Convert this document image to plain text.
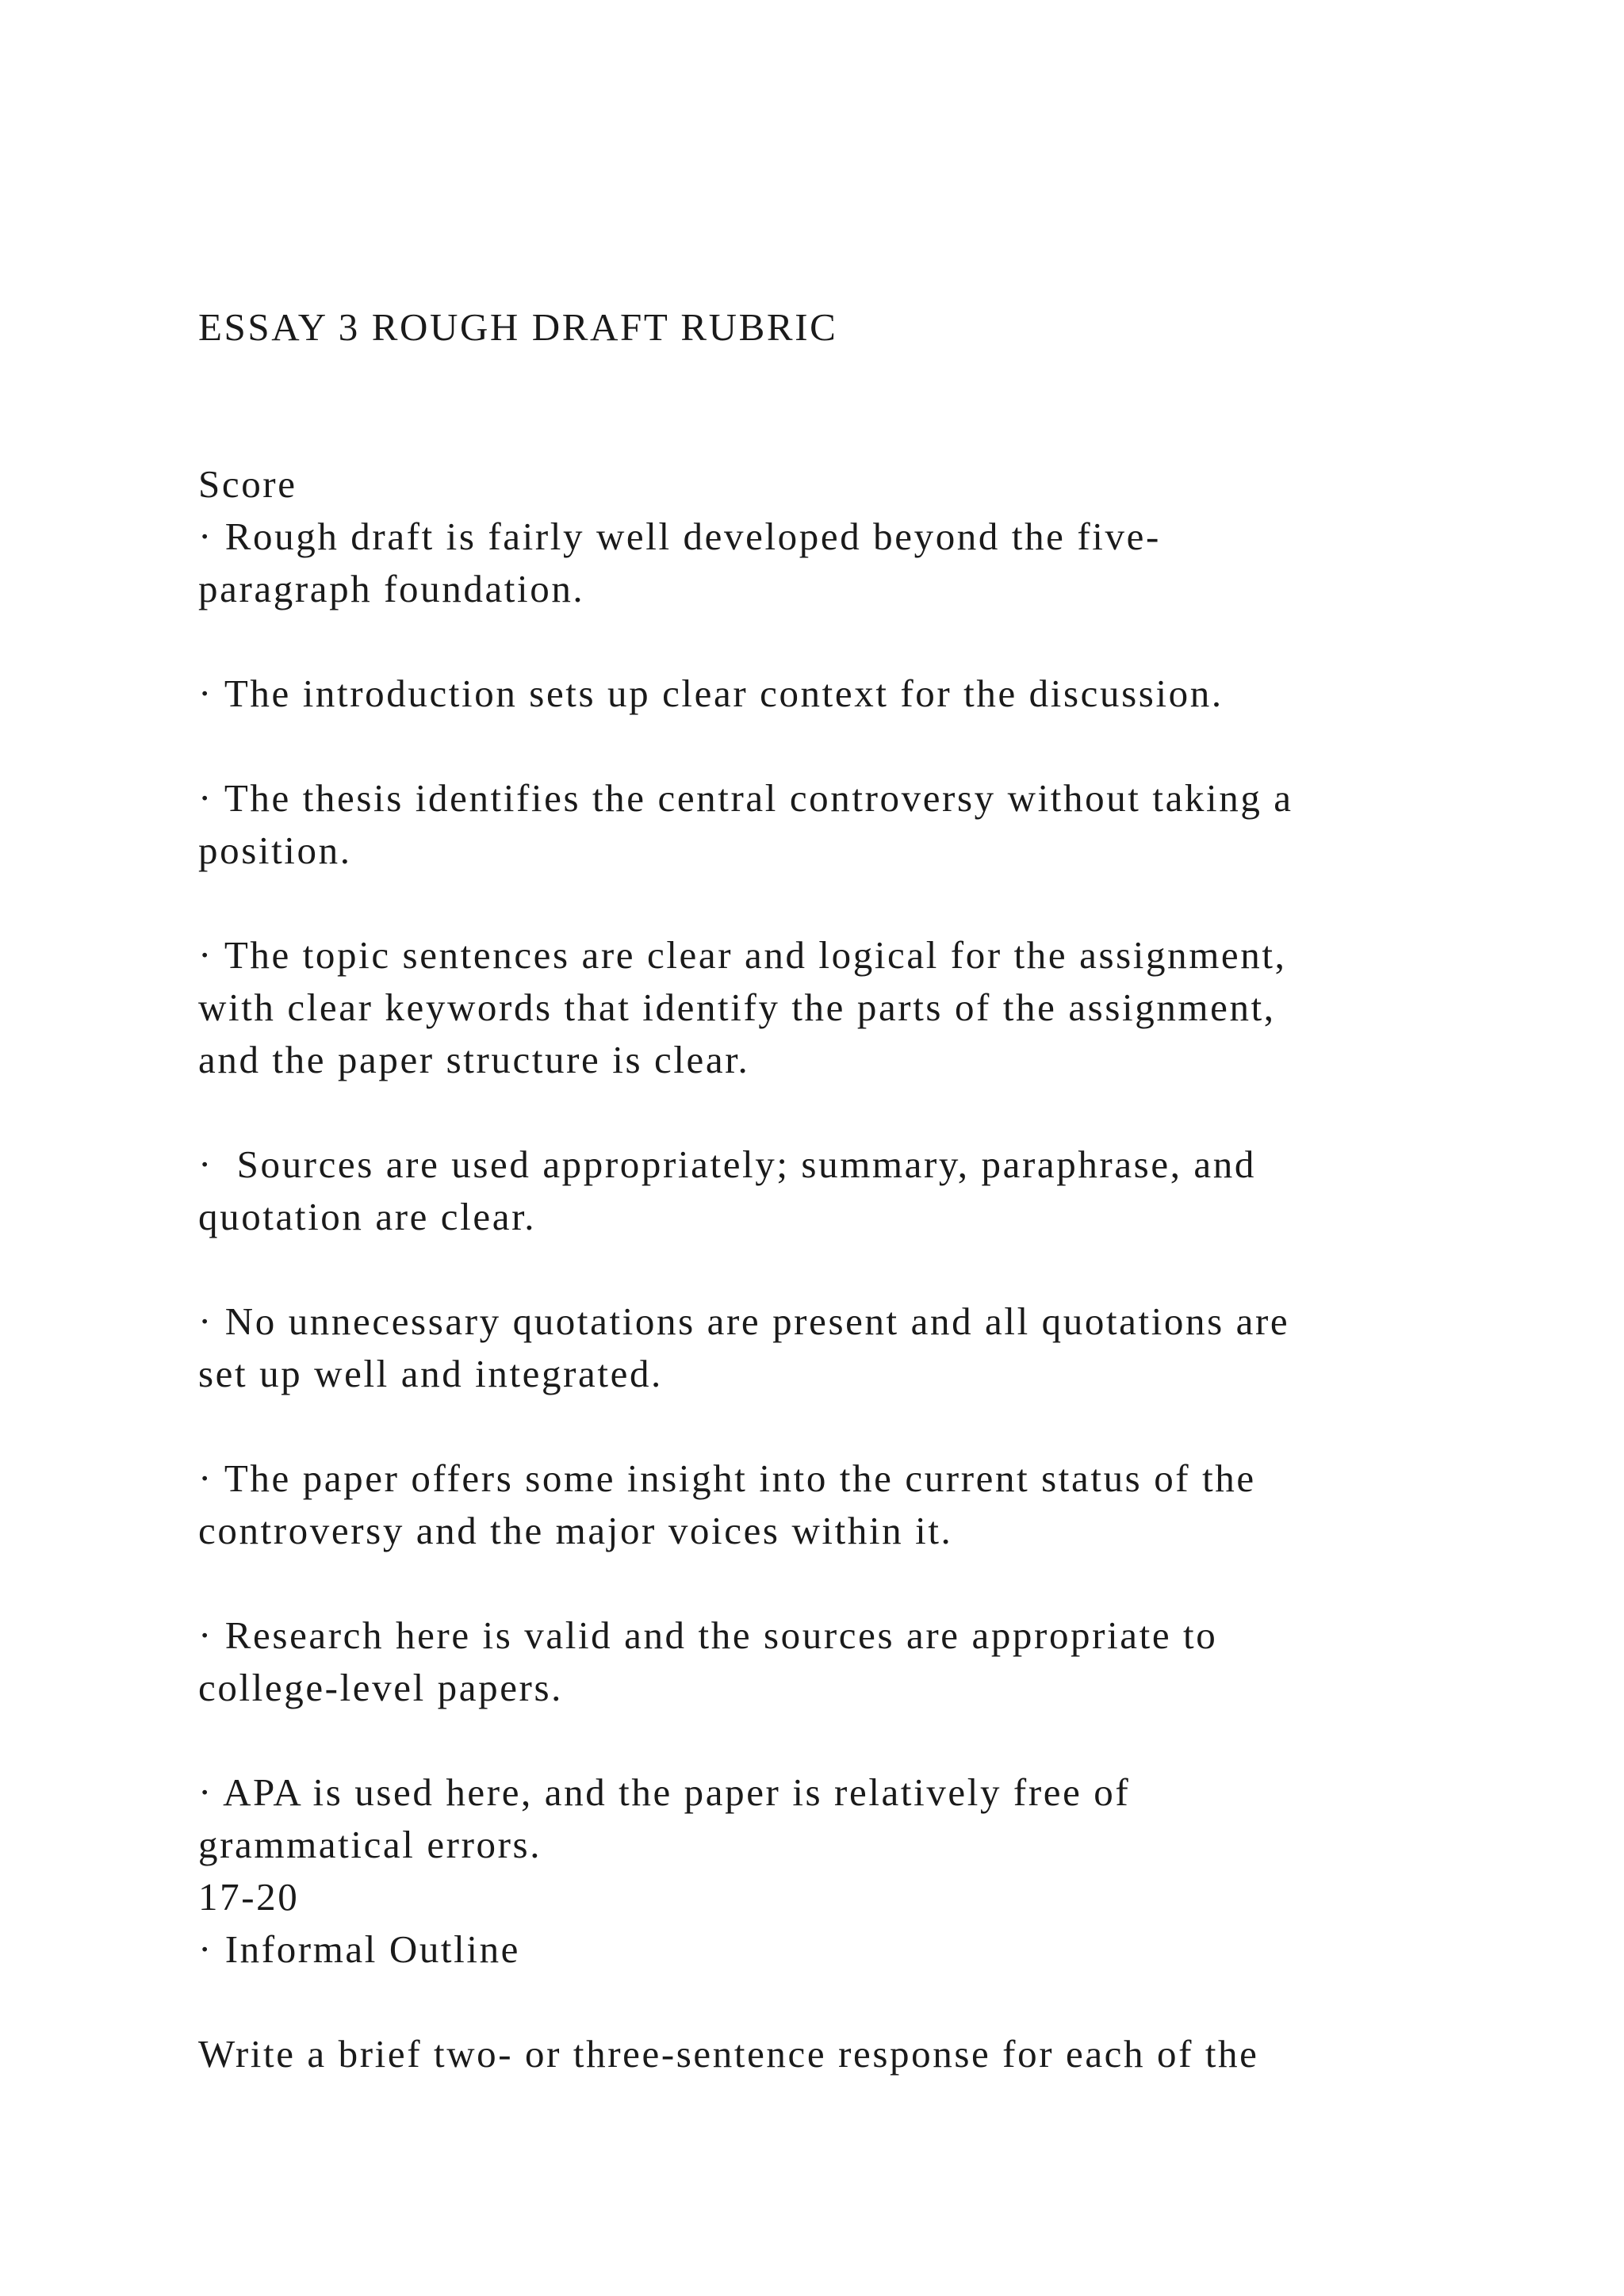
ESSAY 3 ROUGH DRAFT RUBRIC

Score

· Rough draft is fairly well developed beyond the five-

paragraph foundation.

· The introduction sets up clear context for the discussion.

· The thesis identifies the central controversy without taking a

position.

· The topic sentences are clear and logical for the assignment,

with clear keywords that identify the parts of the assignment,

and the paper structure is clear.

·  Sources are used appropriately; summary, paraphrase, and

quotation are clear.

· No unnecessary quotations are present and all quotations are

set up well and integrated.

· The paper offers some insight into the current status of the

controversy and the major voices within it.

· Research here is valid and the sources are appropriate to

college-level papers.

· APA is used here, and the paper is relatively free of

grammatical errors.

17-20

· Informal Outline

Write a brief two- or three-sentence response for each of the
